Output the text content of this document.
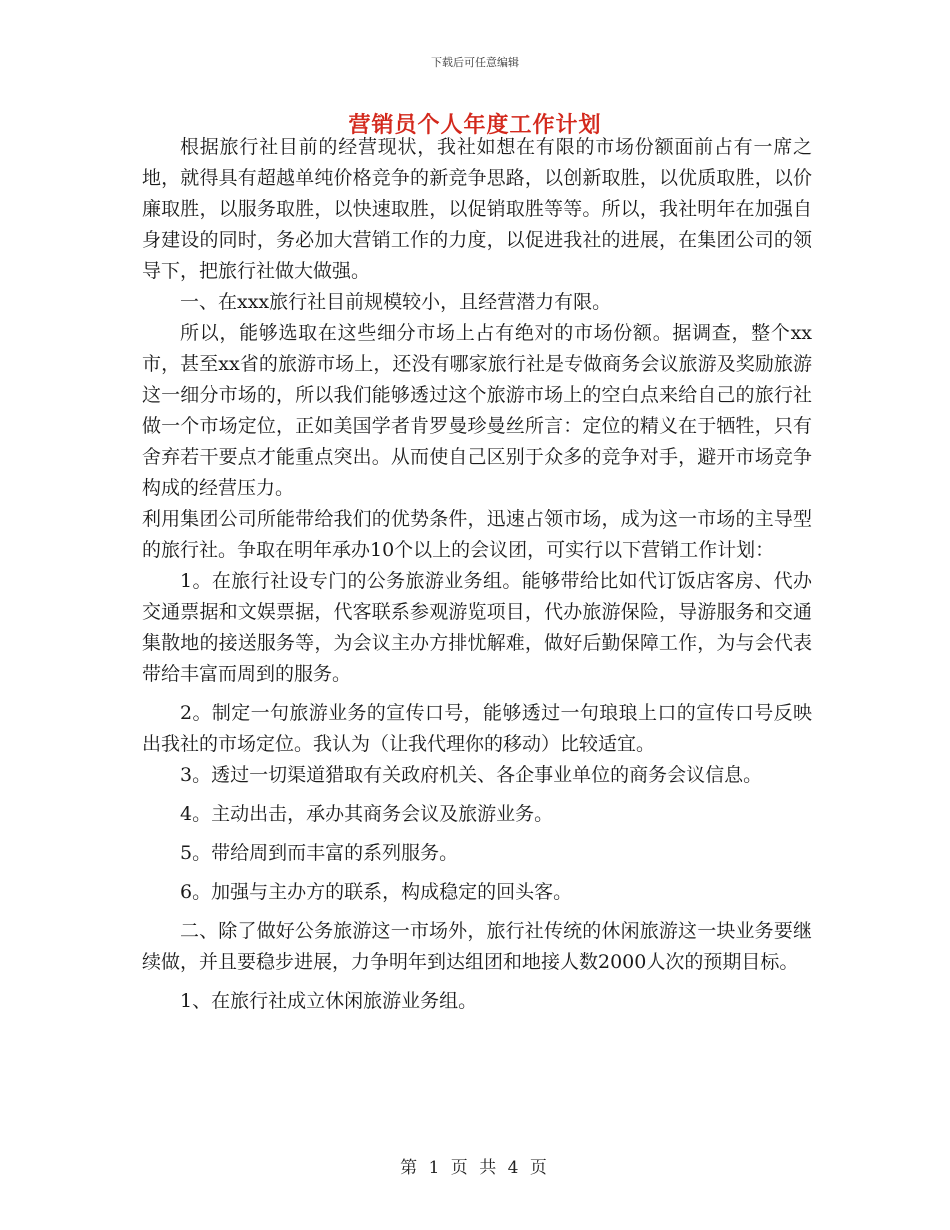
下载后可任意编辑
营销员个人年度工作计划

根据旅行社目前的经营现状，我社如想在有限的市场份额面前占有一席之地，就得具有超越单纯价格竞争的新竞争思路，以创新取胜，以优质取胜，以价廉取胜，以服务取胜，以快速取胜，以促销取胜等等。所以，我社明年在加强自身建设的同时，务必加大营销工作的力度，以促进我社的进展，在集团公司的领导下，把旅行社做大做强。

一、在xxx旅行社目前规模较小，且经营潜力有限。

所以，能够选取在这些细分市场上占有绝对的市场份额。据调查，整个xx市，甚至xx省的旅游市场上，还没有哪家旅行社是专做商务会议旅游及奖励旅游这一细分市场的，所以我们能够透过这个旅游市场上的空白点来给自己的旅行社做一个市场定位，正如美国学者肯罗曼珍曼丝所言：定位的精义在于牺牲，只有舍弃若干要点才能重点突出。从而使自己区别于众多的竞争对手，避开市场竞争构成的经营压力。

利用集团公司所能带给我们的优势条件，迅速占领市场，成为这一市场的主导型的旅行社。争取在明年承办10个以上的会议团，可实行以下营销工作计划：

1。在旅行社设专门的公务旅游业务组。能够带给比如代订饭店客房、代办交通票据和文娱票据，代客联系参观游览项目，代办旅游保险，导游服务和交通集散地的接送服务等，为会议主办方排忧解难，做好后勤保障工作，为与会代表带给丰富而周到的服务。

2。制定一句旅游业务的宣传口号，能够透过一句琅琅上口的宣传口号反映出我社的市场定位。我认为（让我代理你的移动）比较适宜。

3。透过一切渠道猎取有关政府机关、各企事业单位的商务会议信息。

4。主动出击，承办其商务会议及旅游业务。

5。带给周到而丰富的系列服务。

6。加强与主办方的联系，构成稳定的回头客。

二、除了做好公务旅游这一市场外，旅行社传统的休闲旅游这一块业务要继续做，并且要稳步进展，力争明年到达组团和地接人数2000人次的预期目标。

1、在旅行社成立休闲旅游业务组。

第 1 页 共 4 页
